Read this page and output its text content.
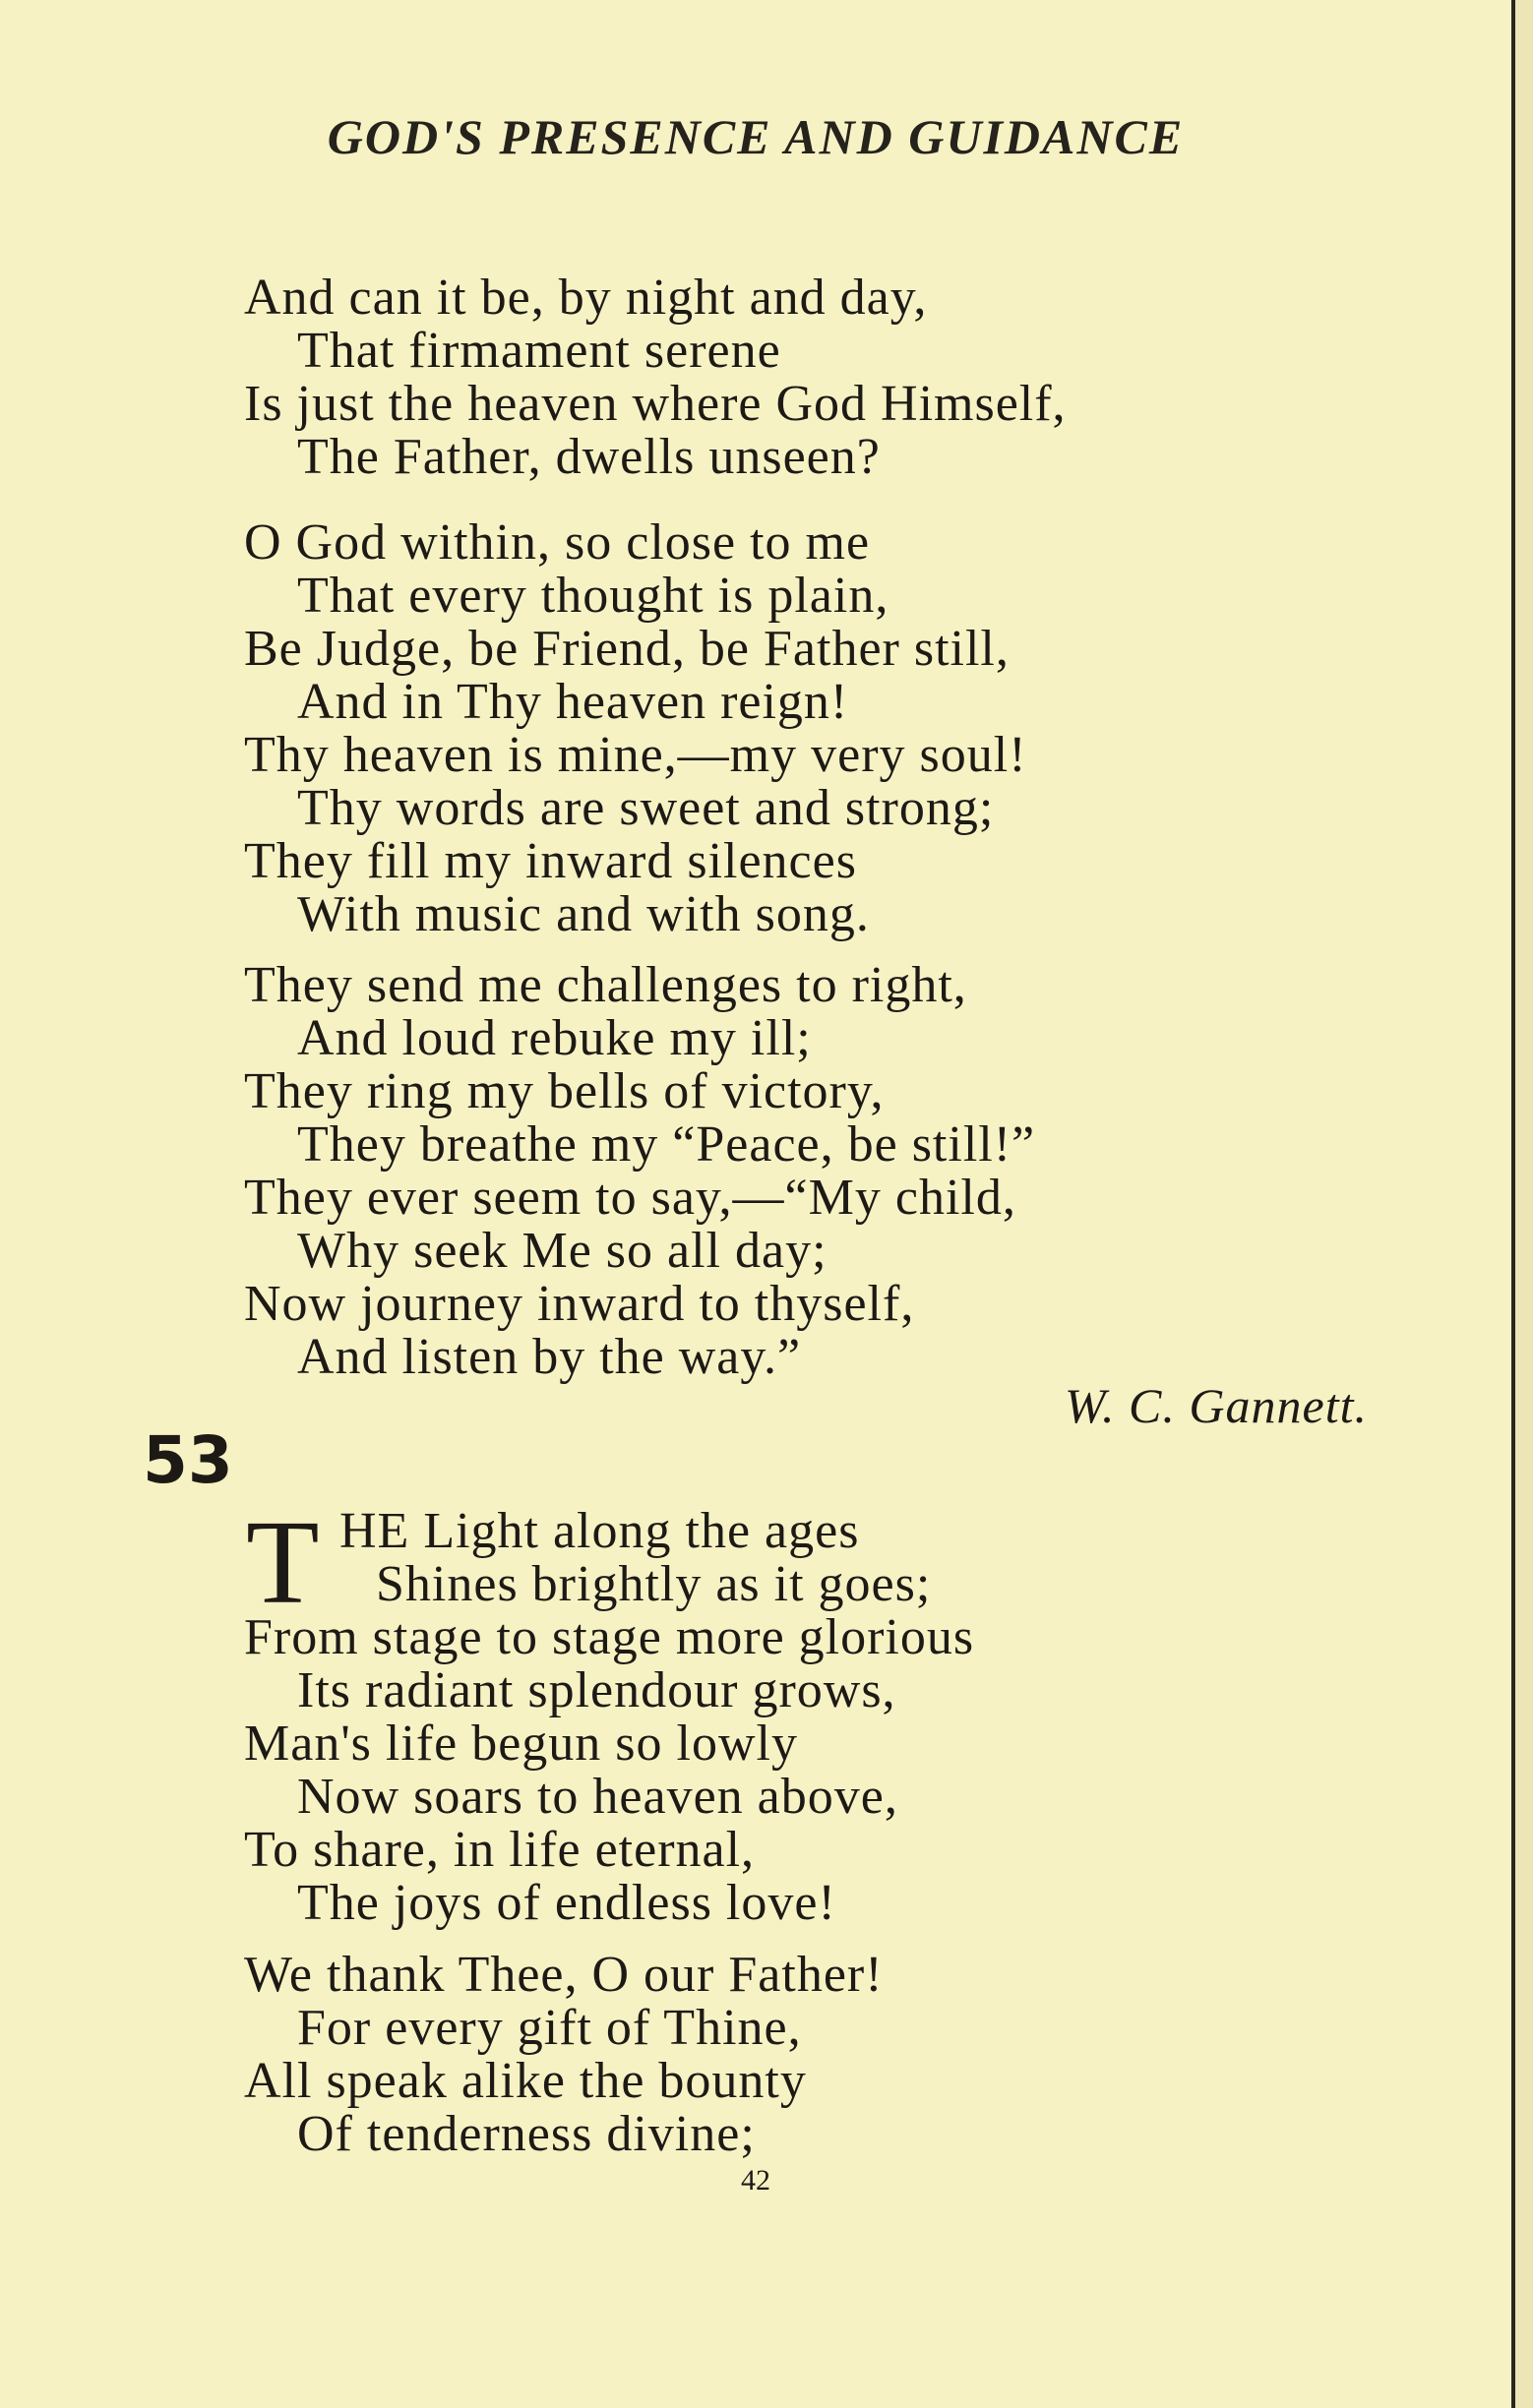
GOD'S PRESENCE AND GUIDANCE
And can it be, by night and day,
That firmament serene
Is just the heaven where God Himself,
The Father, dwells unseen?
O God within, so close to me
That every thought is plain,
Be Judge, be Friend, be Father still,
And in Thy heaven reign!
Thy heaven is mine,—my very soul!
Thy words are sweet and strong;
They fill my inward silences
With music and with song.
They send me challenges to right,
And loud rebuke my ill;
They ring my bells of victory,
They breathe my “Peace, be still!”
They ever seem to say,—“My child,
Why seek Me so all day;
Now journey inward to thyself,
And listen by the way.”
W. C. Gannett.
53
T HE Light along the ages
Shines brightly as it goes;
From stage to stage more glorious
Its radiant splendour grows,
Man's life begun so lowly
Now soars to heaven above,
To share, in life eternal,
The joys of endless love!
We thank Thee, O our Father!
For every gift of Thine,
All speak alike the bounty
Of tenderness divine;
42
